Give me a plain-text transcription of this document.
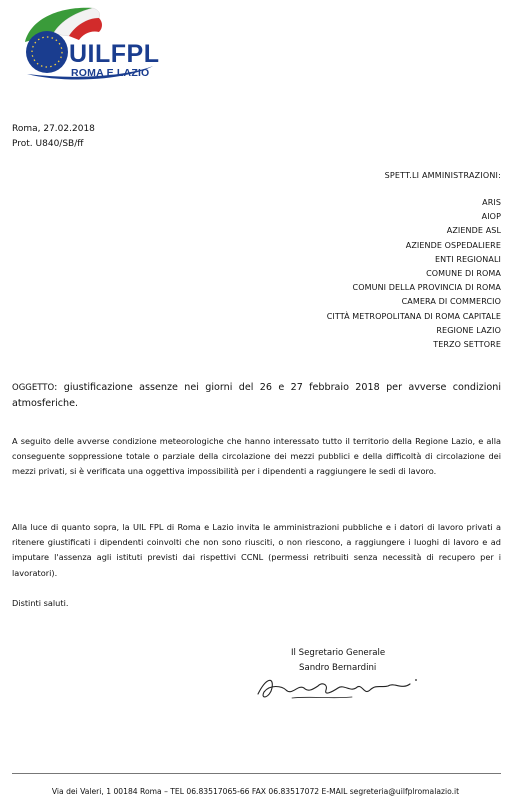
UILFPL
ROMA E LAZIO
Roma, 27.02.2018
Prot. U840/SB/ff
SPETT.LI AMMINISTRAZIONI:
ARIS
AIOP
AZIENDE ASL
AZIENDE OSPEDALIERE
ENTI REGIONALI
COMUNE DI ROMA
COMUNI DELLA PROVINCIA DI ROMA
CAMERA DI COMMERCIO
CITTÀ METROPOLITANA DI ROMA CAPITALE
REGIONE LAZIO
TERZO SETTORE
OGGETTO: giustificazione assenze nei giorni del 26 e 27 febbraio 2018 per avverse condizioni atmosferiche.
A seguito delle avverse condizione meteorologiche che hanno interessato tutto il territorio della Regione Lazio, e alla conseguente soppressione totale o parziale della circolazione dei mezzi pubblici e della difficoltà di circolazione dei mezzi privati, si è verificata una oggettiva impossibilità per i dipendenti a raggiungere le sedi di lavoro.
Alla luce di quanto sopra, la UIL FPL di Roma e Lazio invita le amministrazioni pubbliche e i datori di lavoro privati a ritenere giustificati i dipendenti coinvolti che non sono riusciti, o non riescono, a raggiungere i luoghi di lavoro e ad imputare l'assenza agli istituti previsti dai rispettivi CCNL (permessi retribuiti senza necessità di recupero per i lavoratori).
Distinti saluti.
Il Segretario Generale
Sandro Bernardini
Via dei Valeri, 1 00184 Roma – TEL 06.83517065-66 FAX 06.83517072 E-MAIL segreteria@uilfplromalazio.it
